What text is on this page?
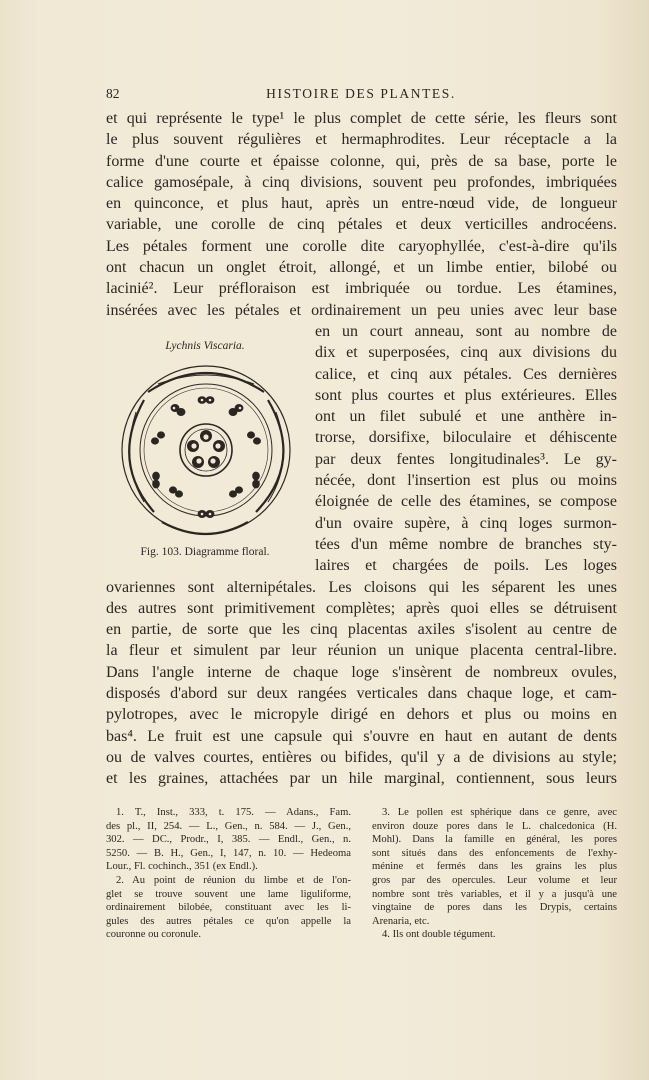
82	HISTOIRE DES PLANTES.
et qui représente le type¹ le plus complet de cette série, les fleurs sont
le plus souvent régulières et hermaphrodites. Leur réceptacle a la
forme d'une courte et épaisse colonne, qui, près de sa base, porte le
calice gamosépale, à cinq divisions, souvent peu profondes, imbriquées
en quinconce, et plus haut, après un entre-nœud vide, de longueur
variable, une corolle de cinq pétales et deux verticilles androcéens.
Les pétales forment une corolle dite caryophyllée, c'est-à-dire qu'ils
ont chacun un onglet étroit, allongé, et un limbe entier, bilobé ou
lacinié². Leur préfloraison est imbriquée ou tordue. Les étamines,
insérées avec les pétales et ordinairement un peu unies avec leur base
en un court anneau, sont au nombre de
dix et superposées, cinq aux divisions du
calice, et cinq aux pétales. Ces dernières
sont plus courtes et plus extérieures. Elles
ont un filet subulé et une anthère in-
trorse, dorsifixe, biloculaire et déhiscente
par deux fentes longitudinales³. Le gy-
nécée, dont l'insertion est plus ou moins
éloignée de celle des étamines, se compose
d'un ovaire supère, à cinq loges surmon-
tées d'un même nombre de branches sty-
laires et chargées de poils. Les loges
ovariennes sont alternipétales. Les cloisons qui les séparent les unes
des autres sont primitivement complètes; après quoi elles se détruisent
en partie, de sorte que les cinq placentas axiles s'isolent au centre de
la fleur et simulent par leur réunion un unique placenta central-libre.
Dans l'angle interne de chaque loge s'insèrent de nombreux ovules,
disposés d'abord sur deux rangées verticales dans chaque loge, et cam-
pylotropes, avec le micropyle dirigé en dehors et plus ou moins en
bas⁴. Le fruit est une capsule qui s'ouvre en haut en autant de dents
ou de valves courtes, entières ou bifides, qu'il y a de divisions au style;
et les graines, attachées par un hile marginal, contiennent, sous leurs
Lychnis Viscaria.
Fig. 103. Diagramme floral.
1. T., Inst., 333, t. 175. — Adans., Fam.
des pl., II, 254. — L., Gen., n. 584. — J., Gen.,
302. — DC., Prodr., I, 385. — Endl., Gen., n.
5250. — B. H., Gen., I, 147, n. 10. — Hedeoma
Lour., Fl. cochinch., 351 (ex Endl.).
2. Au point de réunion du limbe et de l'on-
glet se trouve souvent une lame liguliforme,
ordinairement bilobée, constituant avec les li-
gules des autres pétales ce qu'on appelle la
couronne ou coronule.
3. Le pollen est sphérique dans ce genre, avec
environ douze pores dans le L. chalcedonica (H.
Mohl). Dans la famille en général, les pores
sont situés dans des enfoncements de l'exhy-
ménine et fermés dans les grains les plus
gros par des opercules. Leur volume et leur
nombre sont très variables, et il y a jusqu'à une
vingtaine de pores dans les Drypis, certains
Arenaria, etc.
4. Ils ont double tégument.
